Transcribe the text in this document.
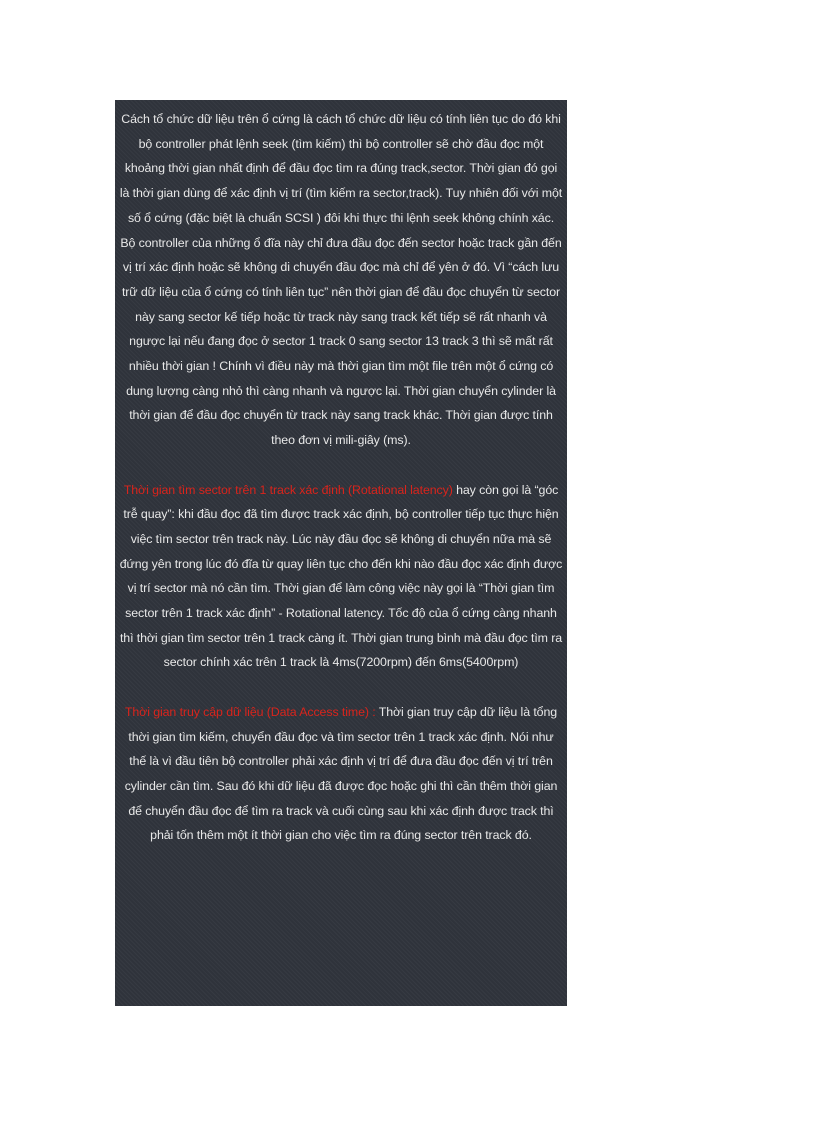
Cách tổ chức dữ liệu trên ổ cứng là cách tổ chức dữ liệu có tính liên tục do đó khi bộ controller phát lệnh seek (tìm kiếm) thì bộ controller sẽ chờ đầu đọc một khoảng thời gian nhất định để đầu đọc tìm ra đúng track,sector. Thời gian đó gọi là thời gian dùng để xác định vị trí (tìm kiếm ra sector,track). Tuy nhiên đối với một số ổ cứng (đặc biệt là chuẩn SCSI ) đôi khi thực thi lệnh seek không chính xác. Bộ controller của những ổ đĩa này chỉ đưa đầu đọc đến sector hoặc track gần đến vị trí xác định hoặc sẽ không di chuyển đầu đọc mà chỉ để yên ở đó. Vì “cách lưu trữ dữ liệu của ổ cứng có tính liên tục” nên thời gian để đầu đọc chuyển từ sector này sang sector kế tiếp hoặc từ track này sang track kết tiếp sẽ rất nhanh và ngược lại nếu đang đọc ở sector 1 track 0 sang sector 13 track 3 thì sẽ mất rất nhiều thời gian ! Chính vì điều này mà thời gian tìm một file trên một ổ cứng có dung lượng càng nhỏ thì càng nhanh và ngược lại. Thời gian chuyển cylinder là thời gian để đầu đọc chuyển từ track này sang track khác. Thời gian được tính theo đơn vị mili-giây (ms).

Thời gian tìm sector trên 1 track xác định (Rotational latency) hay còn gọi là “góc trễ quay”: khi đầu đọc đã tìm được track xác định, bộ controller tiếp tục thực hiện việc tìm sector trên track này. Lúc này đầu đọc sẽ không di chuyển nữa mà sẽ đứng yên trong lúc đó đĩa từ quay liên tục cho đến khi nào đầu đọc xác định được vị trí sector mà nó cần tìm. Thời gian để làm công việc này gọi là “Thời gian tìm sector trên 1 track xác định” - Rotational latency. Tốc độ của ổ cứng càng nhanh thì thời gian tìm sector trên 1 track càng ít. Thời gian trung bình mà đầu đọc tìm ra sector chính xác trên 1 track là 4ms(7200rpm) đến 6ms(5400rpm)

Thời gian truy cập dữ liệu (Data Access time) : Thời gian truy cập dữ liệu là tổng thời gian tìm kiếm, chuyển đầu đọc và tìm sector trên 1 track xác định. Nói như thế là vì đầu tiên bộ controller phải xác định vị trí để đưa đầu đọc đến vị trí trên cylinder cần tìm. Sau đó khi dữ liệu đã được đọc hoặc ghi thì cần thêm thời gian để chuyển đầu đọc để tìm ra track và cuối cùng sau khi xác định được track thì phải tốn thêm một ít thời gian cho việc tìm ra đúng sector trên track đó.
